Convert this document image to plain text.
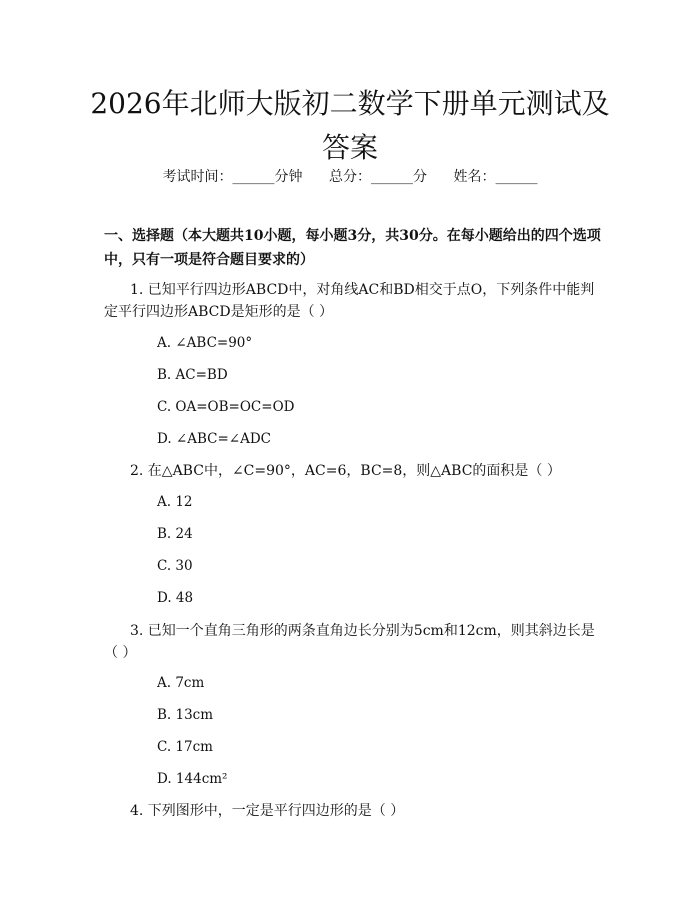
2026年北师大版初二数学下册单元测试及答案
考试时间：______分钟 总分：______分 姓名：______

一、选择题（本大题共10小题，每小题3分，共30分。在每小题给出的四个选项中，只有一项是符合题目要求的）

1. 已知平行四边形ABCD中，对角线AC和BD相交于点O，下列条件中能判定平行四边形ABCD是矩形的是（ ）

A. ∠ABC=90°

B. AC=BD

C. OA=OB=OC=OD

D. ∠ABC=∠ADC

2. 在△ABC中，∠C=90°，AC=6，BC=8，则△ABC的面积是（ ）

A. 12

B. 24

C. 30

D. 48

3. 已知一个直角三角形的两条直角边长分别为5cm和12cm，则其斜边长是（ ）

A. 7cm

B. 13cm

C. 17cm

D. 144cm²

4. 下列图形中，一定是平行四边形的是（ ）
